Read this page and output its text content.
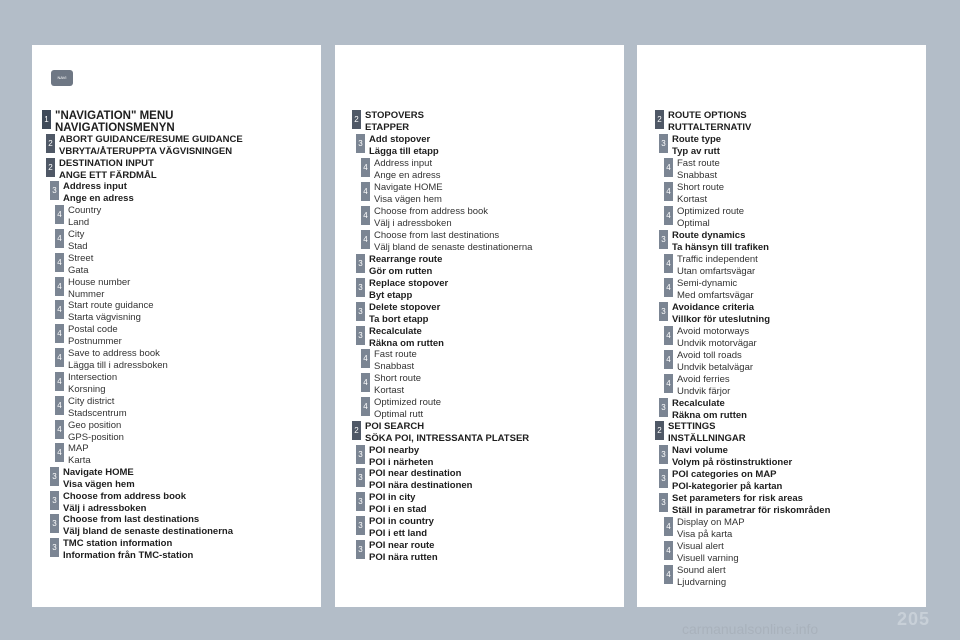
NAVI
1 "NAVIGATION" MENU
NAVIGATIONSMENYN
2 ABORT GUIDANCE/RESUME GUIDANCE
VBRYTA/ÅTERUPPTA VÄGVISNINGEN
2 DESTINATION INPUT
ANGE ETT FÄRDMÅL
3 Address input
Ange en adress
4 Country
Land
4 City
Stad
4 Street
Gata
4 House number
Nummer
4 Start route guidance
Starta vägvisning
4 Postal code
Postnummer
4 Save to address book
Lägga till i adressboken
4 Intersection
Korsning
4 City district
Stadscentrum
4 Geo position
GPS-position
4 MAP
Karta
3 Navigate HOME
Visa vägen hem
3 Choose from address book
Välj i adressboken
3 Choose from last destinations
Välj bland de senaste destinationerna
3 TMC station information
Information från TMC-station
2 STOPOVERS
ETAPPER
3 Add stopover
Lägga till etapp
4 Address input
Ange en adress
4 Navigate HOME
Visa vägen hem
4 Choose from address book
Välj i adressboken
4 Choose from last destinations
Välj bland de senaste destinationerna
3 Rearrange route
Gör om rutten
3 Replace stopover
Byt etapp
3 Delete stopover
Ta bort etapp
3 Recalculate
Räkna om rutten
4 Fast route
Snabbast
4 Short route
Kortast
4 Optimized route
Optimal rutt
2 POI SEARCH
SÖKA POI, INTRESSANTA PLATSER
3 POI nearby
POI i närheten
3 POI near destination
POI nära destinationen
3 POI in city
POI i en stad
3 POI in country
POI i ett land
3 POI near route
POI nära rutten
2 ROUTE OPTIONS
RUTTALTERNATIV
3 Route type
Typ av rutt
4 Fast route
Snabbast
4 Short route
Kortast
4 Optimized route
Optimal
3 Route dynamics
Ta hänsyn till trafiken
4 Traffic independent
Utan omfartsvägar
4 Semi-dynamic
Med omfartsvägar
3 Avoidance criteria
Villkor för uteslutning
4 Avoid motorways
Undvik motorvägar
4 Avoid toll roads
Undvik betalvägar
4 Avoid ferries
Undvik färjor
3 Recalculate
Räkna om rutten
2 SETTINGS
INSTÄLLNINGAR
3 Navi volume
Volym på röstinstruktioner
3 POI categories on MAP
POI-kategorier på kartan
3 Set parameters for risk areas
Ställ in parametrar för riskområden
4 Display on MAP
Visa på karta
4 Visual alert
Visuell varning
4 Sound alert
Ljudvarning
205
carmanualsonline.info
